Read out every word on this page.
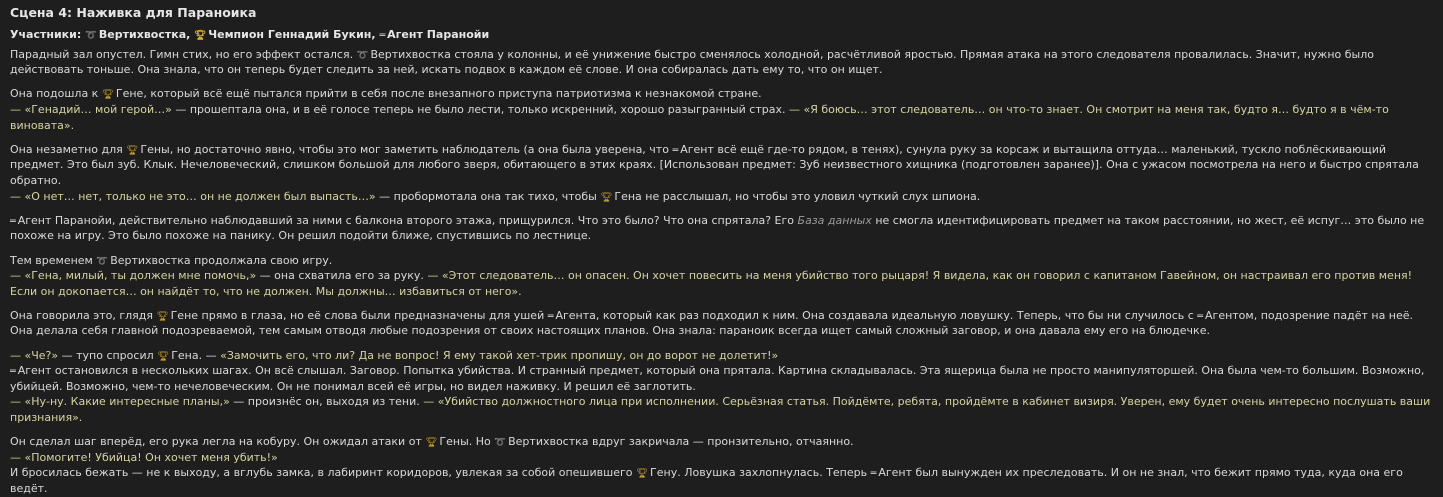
Сцена 4: Наживка для Параноика
Участники: ➰ Вертихвостка, 🏆︎ Чемпион Геннадий Букин, ═ Агент Паранойи

Парадный зал опустел. Гимн стих, но его эффект остался. ➰ Вертихвостка стояла у колонны, и её унижение быстро сменялось холодной, расчётливой яростью. Прямая атака на этого следователя провалилась. Значит, нужно было действовать тоньше. Она знала, что он теперь будет следить за ней, искать подвох в каждом её слове. И она собиралась дать ему то, что он ищет.

Она подошла к 🏆︎ Гене, который всё ещё пытался прийти в себя после внезапного приступа патриотизма к незнакомой стране.
— «Генадий… мой герой…» — прошептала она, и в её голосе теперь не было лести, только искренний, хорошо разыгранный страх. — «Я боюсь… этот следователь… он что-то знает. Он смотрит на меня так, будто я… будто я в чём-то виновата».

Она незаметно для 🏆︎ Гены, но достаточно явно, чтобы это мог заметить наблюдатель (а она была уверена, что ═ Агент всё ещё где-то рядом, в тенях), сунула руку за корсаж и вытащила оттуда… маленький, тускло поблёскивающий предмет. Это был зуб. Клык. Нечеловеческий, слишком большой для любого зверя, обитающего в этих краях. [Использован предмет: Зуб неизвестного хищника (подготовлен заранее)]. Она с ужасом посмотрела на него и быстро спрятала обратно.
— «О нет… нет, только не это… он не должен был выпасть…» — пробормотала она так тихо, чтобы 🏆︎ Гена не расслышал, но чтобы это уловил чуткий слух шпиона.

═ Агент Паранойи, действительно наблюдавший за ними с балкона второго этажа, прищурился. Что это было? Что она спрятала? Его База данных не смогла идентифицировать предмет на таком расстоянии, но жест, её испуг… это было не похоже на игру. Это было похоже на панику. Он решил подойти ближе, спустившись по лестнице.

Тем временем ➰ Вертихвостка продолжала свою игру.
— «Гена, милый, ты должен мне помочь,» — она схватила его за руку. — «Этот следователь… он опасен. Он хочет повесить на меня убийство того рыцаря! Я видела, как он говорил с капитаном Гавейном, он настраивал его против меня! Если он докопается… он найдёт то, что не должен. Мы должны… избавиться от него».

Она говорила это, глядя 🏆︎ Гене прямо в глаза, но её слова были предназначены для ушей ═ Агента, который как раз подходил к ним. Она создавала идеальную ловушку. Теперь, что бы ни случилось с ═ Агентом, подозрение падёт на неё. Она делала себя главной подозреваемой, тем самым отводя любые подозрения от своих настоящих планов. Она знала: параноик всегда ищет самый сложный заговор, и она давала ему его на блюдечке.

— «Че?» — тупо спросил 🏆︎ Гена. — «Замочить его, что ли? Да не вопрос! Я ему такой хет-трик пропишу, он до ворот не долетит!»
═ Агент остановился в нескольких шагах. Он всё слышал. Заговор. Попытка убийства. И странный предмет, который она прятала. Картина складывалась. Эта ящерица была не просто манипуляторшей. Она была чем-то большим. Возможно, убийцей. Возможно, чем-то нечеловеческим. Он не понимал всей её игры, но видел наживку. И решил её заглотить.
— «Ну-ну. Какие интересные планы,» — произнёс он, выходя из тени. — «Убийство должностного лица при исполнении. Серьёзная статья. Пойдёмте, ребята, пройдёмте в кабинет визиря. Уверен, ему будет очень интересно послушать ваши признания».

Он сделал шаг вперёд, его рука легла на кобуру. Он ожидал атаки от 🏆︎ Гены. Но ➰ Вертихвостка вдруг закричала — пронзительно, отчаянно.
— «Помогите! Убийца! Он хочет меня убить!»
И бросилась бежать — не к выходу, а вглубь замка, в лабиринт коридоров, увлекая за собой опешившего 🏆︎ Гену. Ловушка захлопнулась. Теперь ═ Агент был вынужден их преследовать. И он не знал, что бежит прямо туда, куда она его ведёт.
